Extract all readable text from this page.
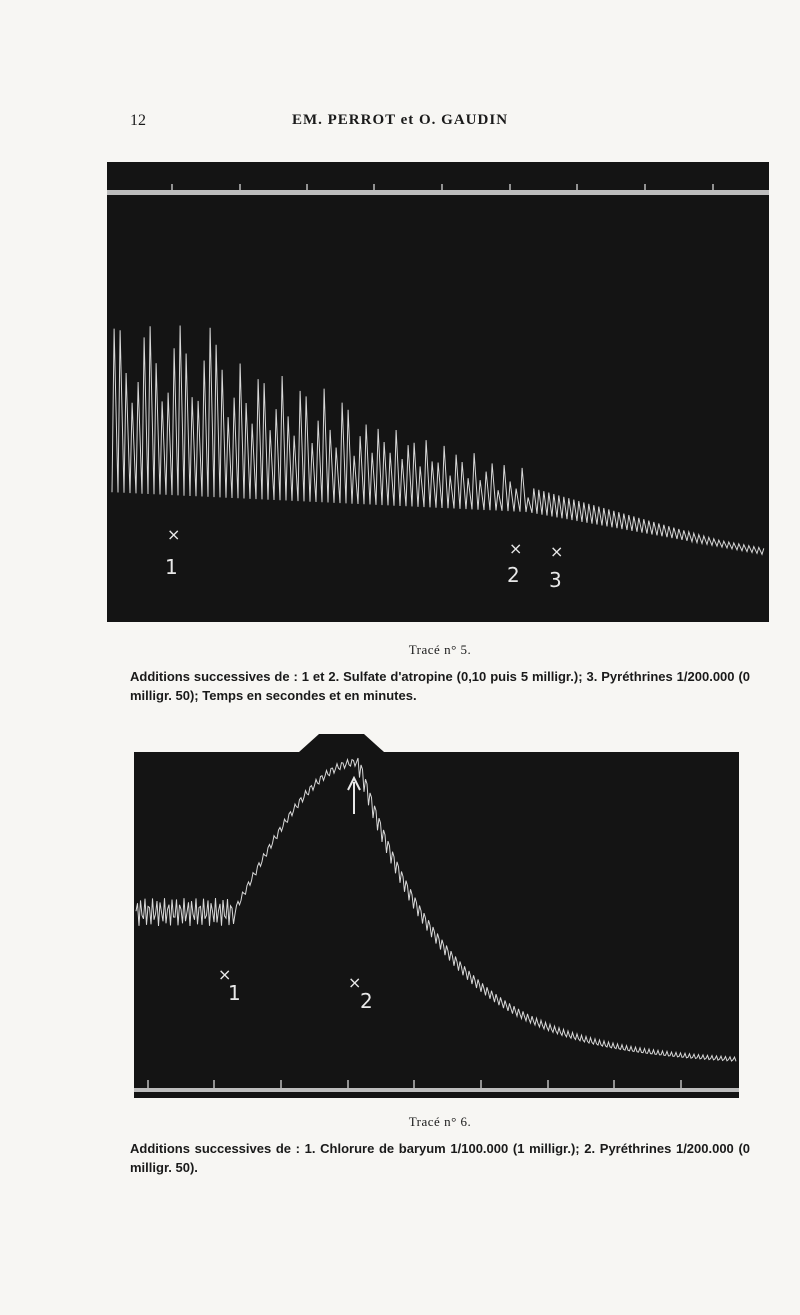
12	EM. PERROT et O. GAUDIN
×
1
×
2
×
3
Tracé n° 5.
Additions successives de : 1 et 2. Sulfate d'atropine (0,10 puis 5 milligr.); 3. Pyréthrines 1/200.000 (0 milligr. 50); Temps en secondes et en minutes.
×
1	×
2
Tracé n° 6.
Additions successives de : 1. Chlorure de baryum 1/100.000 (1 milligr.); 2. Pyréthrines 1/200.000 (0 milligr. 50).
